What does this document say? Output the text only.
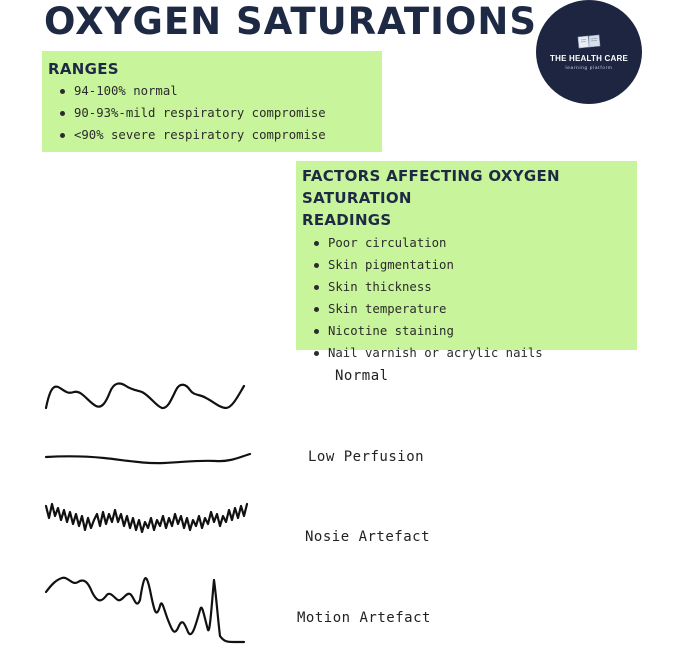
OXYGEN SATURATIONS
THE HEALTH CARE
learning platform
RANGES
94-100% normal
90-93%-mild respiratory compromise
<90% severe respiratory compromise
FACTORS AFFECTING OXYGEN SATURATION
READINGS
Poor circulation
Skin pigmentation
Skin thickness
Skin temperature
Nicotine staining
Nail varnish or acrylic nails
Normal
Low Perfusion
Nosie Artefact
Motion Artefact
